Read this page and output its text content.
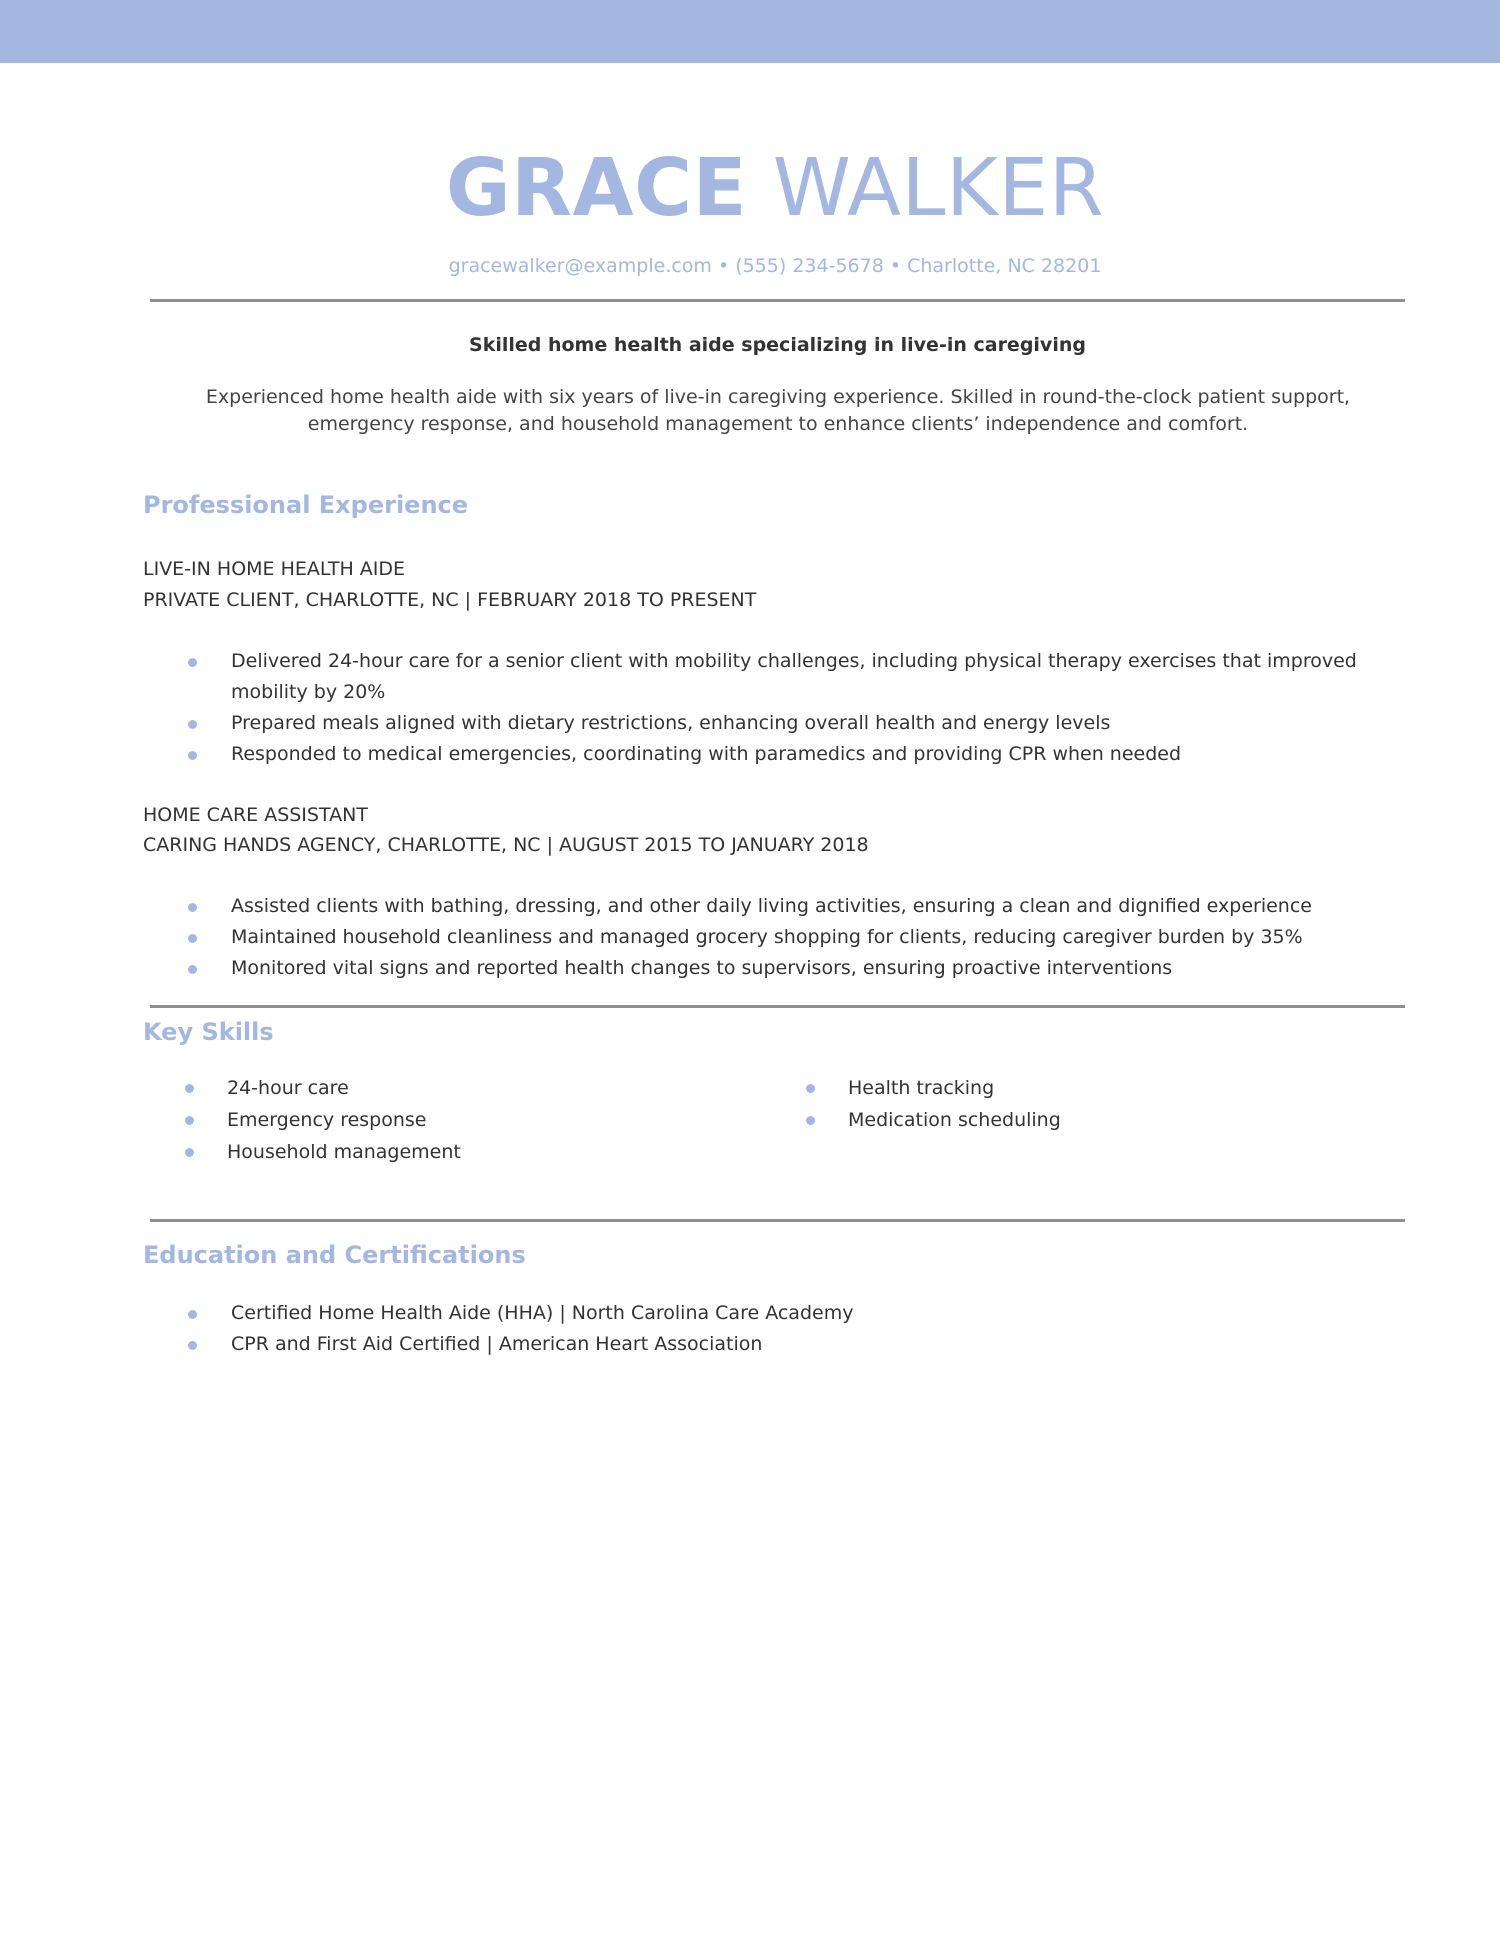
GRACE WALKER
gracewalker@example.com • (555) 234-5678 • Charlotte, NC 28201
Skilled home health aide specializing in live-in caregiving
Experienced home health aide with six years of live-in caregiving experience. Skilled in round-the-clock patient support, emergency response, and household management to enhance clients’ independence and comfort.
Professional Experience
LIVE-IN HOME HEALTH AIDE
PRIVATE CLIENT, CHARLOTTE, NC | FEBRUARY 2018 TO PRESENT
Delivered 24-hour care for a senior client with mobility challenges, including physical therapy exercises that improved mobility by 20%
Prepared meals aligned with dietary restrictions, enhancing overall health and energy levels
Responded to medical emergencies, coordinating with paramedics and providing CPR when needed
HOME CARE ASSISTANT
CARING HANDS AGENCY, CHARLOTTE, NC | AUGUST 2015 TO JANUARY 2018
Assisted clients with bathing, dressing, and other daily living activities, ensuring a clean and dignified experience
Maintained household cleanliness and managed grocery shopping for clients, reducing caregiver burden by 35%
Monitored vital signs and reported health changes to supervisors, ensuring proactive interventions
Key Skills
24-hour care
Emergency response
Household management
Health tracking
Medication scheduling
Education and Certifications
Certified Home Health Aide (HHA) | North Carolina Care Academy
CPR and First Aid Certified | American Heart Association
